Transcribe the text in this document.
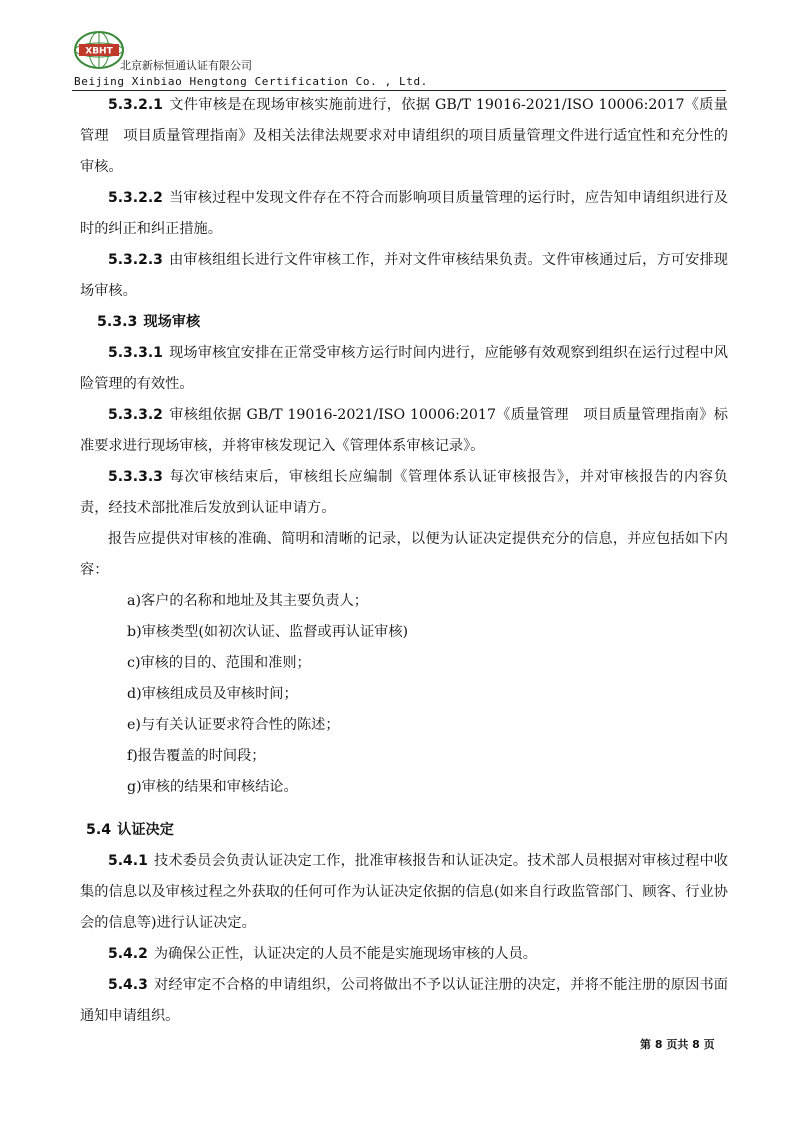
XBHT
北京新标恒通认证有限公司
Beijing Xinbiao Hengtong Certification Co. , Ltd.

5.3.2.1 文件审核是在现场审核实施前进行，依据 GB/T 19016-2021/ISO 10006:2017《质量管理　项目质量管理指南》及相关法律法规要求对申请组织的项目质量管理文件进行适宜性和充分性的审核。

5.3.2.2 当审核过程中发现文件存在不符合而影响项目质量管理的运行时，应告知申请组织进行及时的纠正和纠正措施。

5.3.2.3 由审核组组长进行文件审核工作，并对文件审核结果负责。文件审核通过后，方可安排现场审核。

5.3.3 现场审核

5.3.3.1 现场审核宜安排在正常受审核方运行时间内进行，应能够有效观察到组织在运行过程中风险管理的有效性。

5.3.3.2 审核组依据 GB/T 19016-2021/ISO 10006:2017《质量管理　项目质量管理指南》标准要求进行现场审核，并将审核发现记入《管理体系审核记录》。

5.3.3.3 每次审核结束后，审核组长应编制《管理体系认证审核报告》，并对审核报告的内容负责，经技术部批准后发放到认证申请方。

报告应提供对审核的准确、简明和清晰的记录，以便为认证决定提供充分的信息，并应包括如下内容：

a)客户的名称和地址及其主要负责人；
b)审核类型(如初次认证、监督或再认证审核)
c)审核的目的、范围和准则；
d)审核组成员及审核时间；
e)与有关认证要求符合性的陈述；
f)报告覆盖的时间段；
g)审核的结果和审核结论。

5.4 认证决定

5.4.1 技术委员会负责认证决定工作，批准审核报告和认证决定。技术部人员根据对审核过程中收集的信息以及审核过程之外获取的任何可作为认证决定依据的信息(如来自行政监管部门、顾客、行业协会的信息等)进行认证决定。

5.4.2 为确保公正性，认证决定的人员不能是实施现场审核的人员。

5.4.3 对经审定不合格的申请组织，公司将做出不予以认证注册的决定，并将不能注册的原因书面通知申请组织。

第 8 页共 8 页
